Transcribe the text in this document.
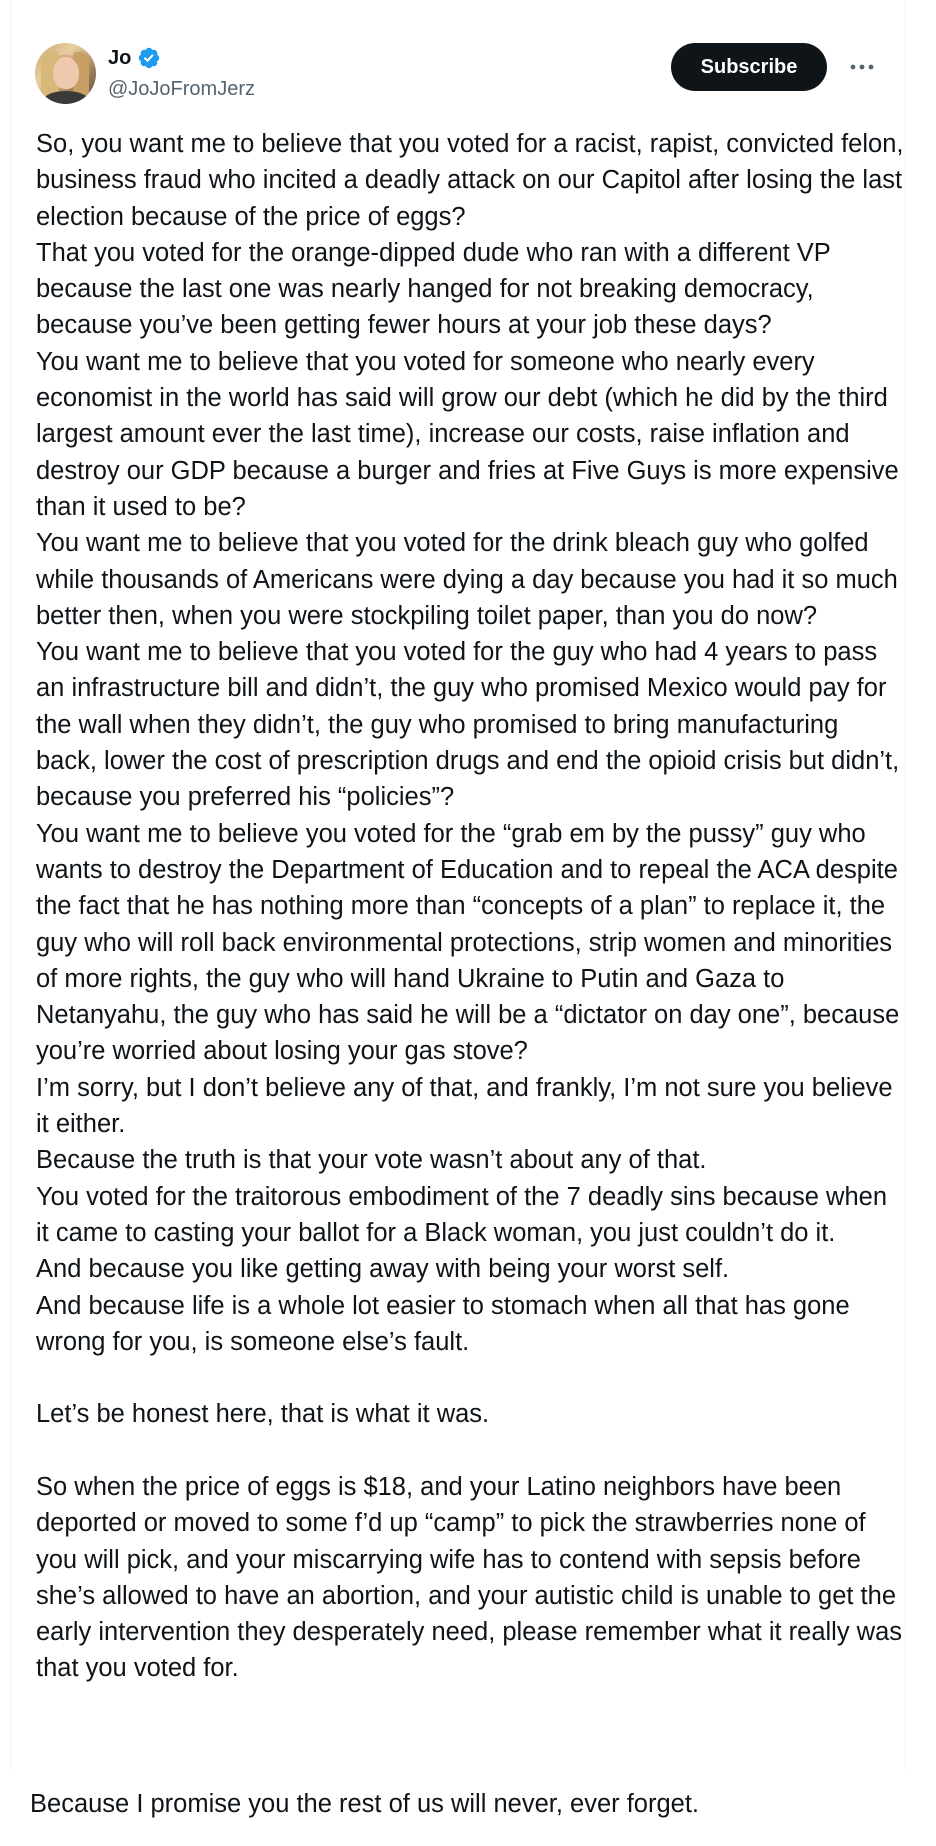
Jo
@JoJoFromJerz
Subscribe

So, you want me to believe that you voted for a racist, rapist, convicted felon, business fraud who incited a deadly attack on our Capitol after losing the last election because of the price of eggs?

That you voted for the orange-dipped dude who ran with a different VP because the last one was nearly hanged for not breaking democracy, because you’ve been getting fewer hours at your job these days?

You want me to believe that you voted for someone who nearly every economist in the world has said will grow our debt (which he did by the third largest amount ever the last time), increase our costs, raise inflation and destroy our GDP because a burger and fries at Five Guys is more expensive than it used to be?

You want me to believe that you voted for the drink bleach guy who golfed while thousands of Americans were dying a day because you had it so much better then, when you were stockpiling toilet paper, than you do now?

You want me to believe that you voted for the guy who had 4 years to pass an infrastructure bill and didn’t, the guy who promised Mexico would pay for the wall when they didn’t, the guy who promised to bring manufacturing back, lower the cost of prescription drugs and end the opioid crisis but didn’t, because you preferred his “policies”?

You want me to believe you voted for the “grab em by the pussy” guy who wants to destroy the Department of Education and to repeal the ACA despite the fact that he has nothing more than “concepts of a plan” to replace it, the guy who will roll back environmental protections, strip women and minorities of more rights, the guy who will hand Ukraine to Putin and Gaza to Netanyahu, the guy who has said he will be a “dictator on day one”, because you’re worried about losing your gas stove?

I’m sorry, but I don’t believe any of that, and frankly, I’m not sure you believe it either.

Because the truth is that your vote wasn’t about any of that.

You voted for the traitorous embodiment of the 7 deadly sins because when it came to casting your ballot for a Black woman, you just couldn’t do it.

And because you like getting away with being your worst self.

And because life is a whole lot easier to stomach when all that has gone wrong for you, is someone else’s fault.

Let’s be honest here, that is what it was.

So when the price of eggs is $18, and your Latino neighbors have been deported or moved to some f’d up “camp” to pick the strawberries none of you will pick, and your miscarrying wife has to contend with sepsis before she’s allowed to have an abortion, and your autistic child is unable to get the early intervention they desperately need, please remember what it really was that you voted for.

Because I promise you the rest of us will never, ever forget.
